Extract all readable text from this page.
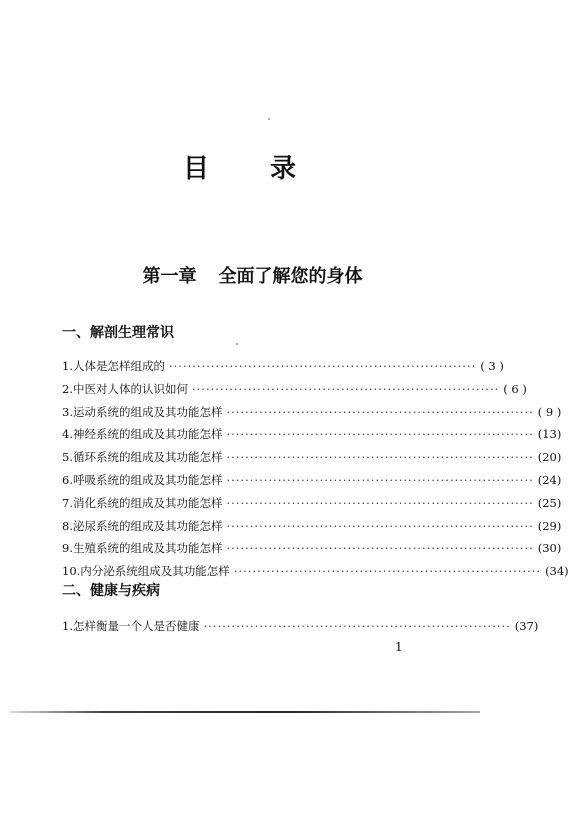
目 录
第一章 全面了解您的身体
一、解剖生理常识
1.人体是怎样组成的 ·································································· ( 3 )
2.中医对人体的认识如何 ·································································· ( 6 )
3.运动系统的组成及其功能怎样 ·································································· ( 9 )
4.神经系统的组成及其功能怎样 ·································································· (13)
5.循环系统的组成及其功能怎样 ·································································· (20)
6.呼吸系统的组成及其功能怎样 ·································································· (24)
7.消化系统的组成及其功能怎样 ·································································· (25)
8.泌尿系统的组成及其功能怎样 ·································································· (29)
9.生殖系统的组成及其功能怎样 ·································································· (30)
10.内分泌系统组成及其功能怎样 ·································································· (34)
二、健康与疾病
1.怎样衡量一个人是否健康 ·································································· (37)
1
